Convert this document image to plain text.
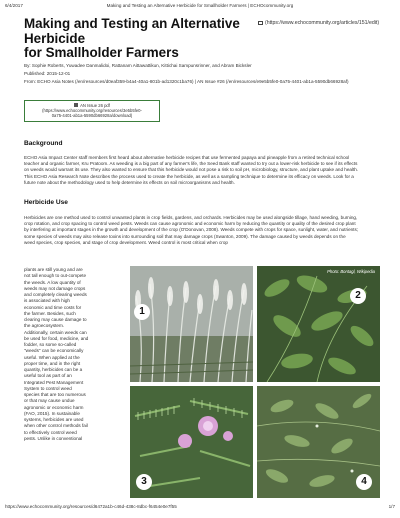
6/4/2017	Making and Testing an Alternative Herbicide for Smallholder Farmers | ECHOcommunity.org
Making and Testing an Alternative Herbicide
for Smallholder Farmers
(https://www.echocommunity.org/articles/151/edit)
By: Sophie Roberts, Yuwadee Danmalidoi, Rattanam Aittawattikun, Kittichai Sampunsrinner, and Abram Bicksler
Published: 2015-12-01
From: ECHO Asia Notes (/en/resources/d0eaf359-b4a4-40a1-801b-ad1320c1ba76) | AN Issue #26 (/en/resources/e9e5b5fe0-0a75-4401-ab1a-5590db66928af)
AN Issue 26 pdf
(https://www.echocommunity.org/resources/3e5b5fe0-
0a75-4401-ab1a-5590db66928a/download)
Background
ECHO Asia Impact Center staff members first heard about alternative herbicide recipes that use fermented papaya and pineapple from a retired technical school
teacher and organic farmer, Kru Pratoom. As weeding is a big part of any farmer's life, the Seed Bank staff wanted to try out a lower-risk herbicide to see if its effects
on weeds would warrant its use. They also wanted to ensure that this herbicide would not pose a risk to soil pH, microbiology, structure, and plant uptake and health.
This ECHO Asia Research Note describes the process used to create the herbicide, as well as a sampling technique to determine its efficacy on weeds. Look for a
future note about the methodology used to help determine its effects on soil microorganisms and health.
Herbicide Use
Herbicides are one method used to control unwanted plants in crop fields, gardens, and orchards. Herbicides may be used alongside tillage, hand weeding, burning,
crop rotation, and crop spacing to control weed pests. Weeds can cause agronomic and economic harm by reducing the quantity or quality of the desired crop plant
by interfering at important stages in the growth and development of the crop (O'Donovan, 2008). Weeds compete with crops for space, sunlight, water, and nutrients;
some species of weeds may also release toxins into surrounding soil that may damage crops (Swanton, 2009). The damage caused by weeds depends on the
weed species, crop species, and stage of crop development. Weed control is most critical when crop
plants are still young and are
not tall enough to out-compete
the weeds. A low quantity of
weeds may not damage crops
and completely clearing weeds
is associated with high
economic and time costs for
the farmer. Besides, such
clearing may cause damage to
the agroecosystem.
Additionally, certain weeds can
be used for food, medicine, and
fodder, so some so-called
"weeds" can be economically
useful. When applied at the
proper time, and in the right
quantity, herbicides can be a
useful tool as part of an
Integrated Pest Management
System to control weed
species that are too numerous
or that may cause undue
agronomic or economic harm
(FAO, 2015). In sustainable
systems, herbicides are used
when other control methods fail
to effectively control weed
pests. Unlike in conventional
1
Photo: Bontagl, Wikipedia
2
3	4
https://www.echocommunity.org/resources/d6472a1b-c46d-438c-8dbc-f6454e0e7f55	1/7
